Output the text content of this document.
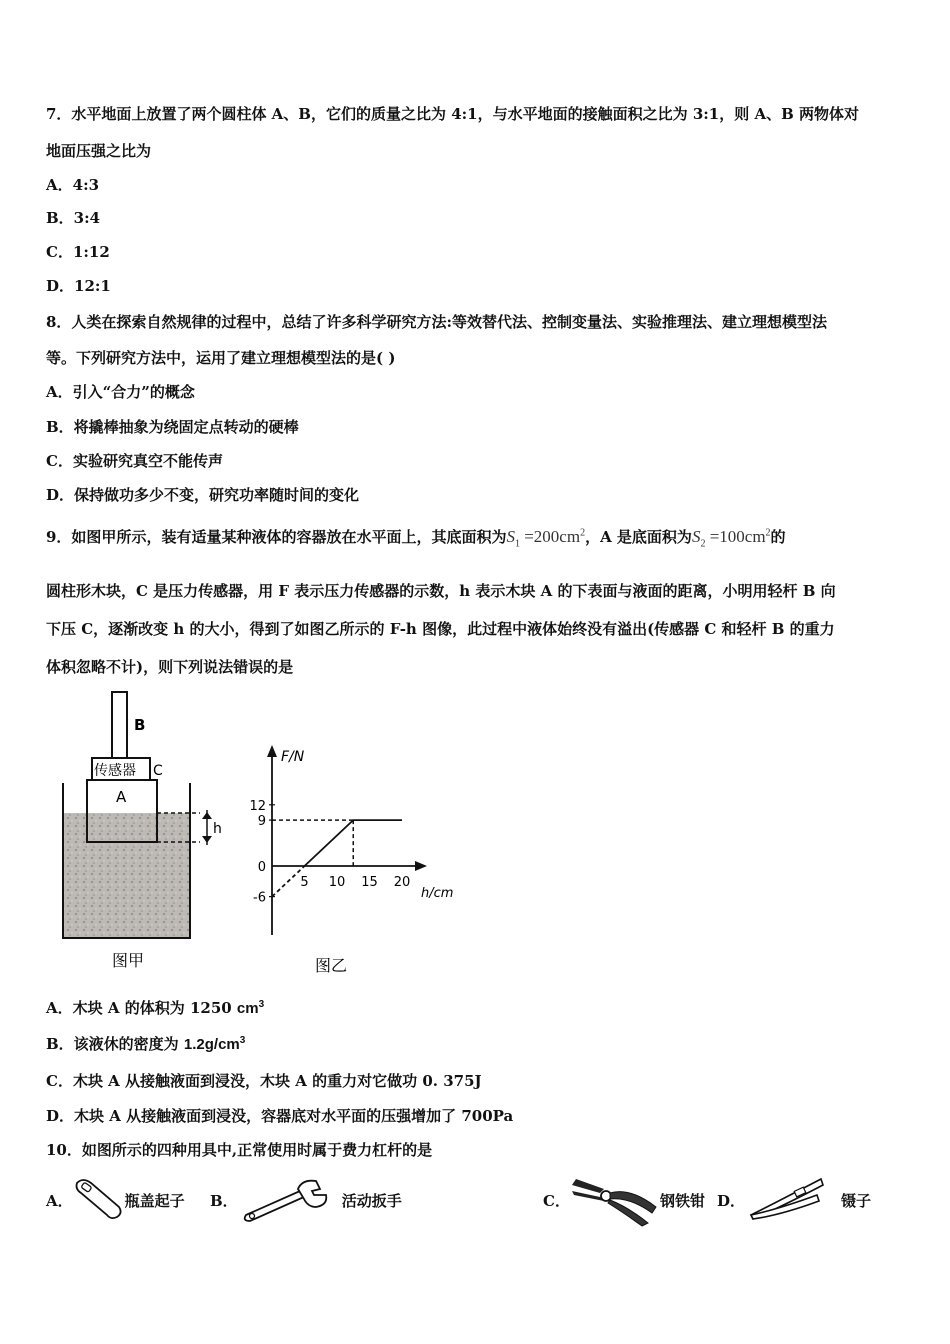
7．水平地面上放置了两个圆柱体 A、B，它们的质量之比为 4:1，与水平地面的接触面积之比为 3:1，则 A、B 两物体对
地面压强之比为
A．4:3
B．3:4
C．1:12
D．12:1
8．人类在探索自然规律的过程中，总结了许多科学研究方法:等效替代法、控制变量法、实验推理法、建立理想模型法
等。下列研究方法中，运用了建立理想模型法的是( )
A．引入“合力”的概念
B．将撬棒抽象为绕固定点转动的硬棒
C．实验研究真空不能传声
D．保持做功多少不变，研究功率随时间的变化
9．如图甲所示，装有适量某种液体的容器放在水平面上，其底面积为$S_1 =200cm^2$，A 是底面积为$S_2 =100cm^2$的
圆柱形木块，C 是压力传感器，用 F 表示压力传感器的示数，h 表示木块 A 的下表面与液面的距离，小明用轻杆 B 向
下压 C，逐渐改变 h 的大小，得到了如图乙所示的 F-h 图像，此过程中液体始终没有溢出(传感器 C 和轻杆 B 的重力
体积忽略不计)，则下列说法错误的是
B
传感器 C
A
h
图甲
F/N
h/cm
12
9
0
-6
5 10 15 20
图乙
A．木块 A 的体积为 1250 $cm^3$
B．该液休的密度为 $1.2g/cm^3$
C．木块 A 从接触液面到浸没，木块 A 的重力对它做功 0. 375J
D．木块 A 从接触液面到浸没，容器底对水平面的压强增加了 700Pa
10．如图所示的四种用具中,正常使用时属于费力杠杆的是
A．	瓶盖起子 B．	活动扳手	C．	钢铁钳 D．	镊子
